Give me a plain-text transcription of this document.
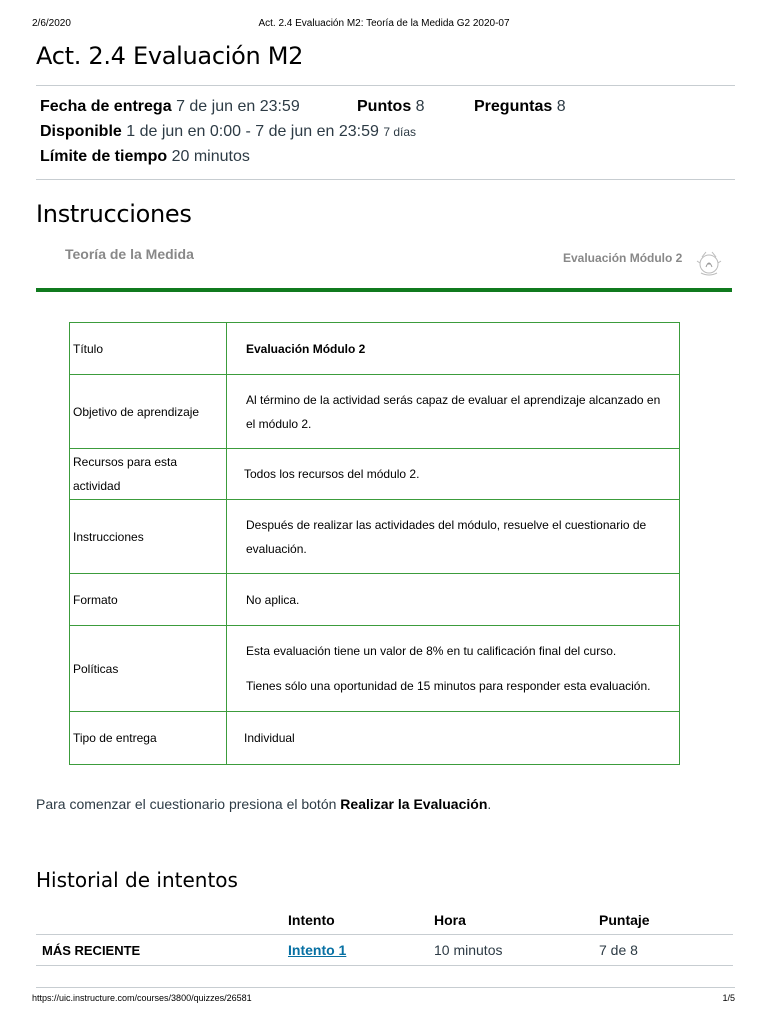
2/6/2020	Act. 2.4 Evaluación M2: Teoría de la Medida G2 2020-07
Act. 2.4 Evaluación M2
Fecha de entrega 7 de jun en 23:59	Puntos 8	Preguntas 8
Disponible 1 de jun en 0:00 - 7 de jun en 23:59 7 días
Límite de tiempo 20 minutos
Instrucciones
Teoría de la Medida	Evaluación Módulo 2
Título	Evaluación Módulo 2

Objetivo de aprendizaje	Al término de la actividad serás capaz de evaluar el aprendizaje alcanzado en el módulo 2.

Recursos para esta actividad	Todos los recursos del módulo 2.

Instrucciones	Después de realizar las actividades del módulo, resuelve el cuestionario de evaluación.

Formato	No aplica.

Políticas	Esta evaluación tiene un valor de 8% en tu calificación final del curso.

Tienes sólo una oportunidad de 15 minutos para responder esta evaluación.

Tipo de entrega	Individual

Para comenzar el cuestionario presiona el botón Realizar la Evaluación.
Historial de intentos
	Intento	Hora	Puntaje
MÁS RECIENTE	Intento 1	10 minutos	7 de 8
https://uic.instructure.com/courses/3800/quizzes/26581	1/5
